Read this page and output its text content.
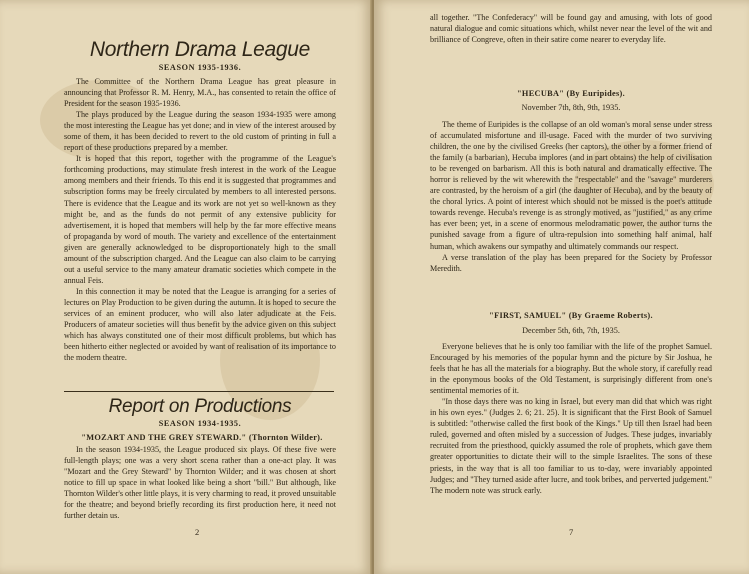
Northern Drama League

SEASON 1935-1936.

The Committee of the Northern Drama League has great pleasure in announcing that Professor R. M. Henry, M.A., has consented to retain the office of President for the season 1935-1936.

The plays produced by the League during the season 1934-1935 were among the most interesting the League has yet done; and in view of the interest aroused by some of them, it has been decided to revert to the old custom of printing in full a report of these productions prepared by a member.

It is hoped that this report, together with the programme of the League's forthcoming productions, may stimulate fresh interest in the work of the League among members and their friends. To this end it is suggested that programmes and subscription forms may be freely circulated by members to all interested persons. There is evidence that the League and its work are not yet so well-known as they might be, and as the funds do not permit of any extensive publicity for advertisement, it is hoped that members will help by the far more effective means of propaganda by word of mouth. The variety and excellence of the entertainment given are generally acknowledged to be disproportionately high to the small amount of the subscription charged. And the League can also claim to be carrying out a useful service to the many amateur dramatic societies which compete in the annual Feis.

In this connection it may be noted that the League is arranging for a series of lectures on Play Production to be given during the autumn. It is hoped to secure the services of an eminent producer, who will also later adjudicate at the Feis. Producers of amateur societies will thus benefit by the advice given on this subject which has always constituted one of their most difficult problems, but which has been hitherto either neglected or avoided by want of realisation of its importance to the modern theatre.

Report on Productions

SEASON 1934-1935.

"MOZART AND THE GREY STEWARD." (Thornton Wilder).

In the season 1934-1935, the League produced six plays. Of these five were full-length plays; one was a very short scena rather than a one-act play. It was "Mozart and the Grey Steward" by Thornton Wilder; and it was chosen at short notice to fill up space in what looked like being a short "bill." But although, like Thornton Wilder's other little plays, it is very charming to read, it proved unsuitable for the theatre; and beyond briefly recording its first production here, it need not further detain us.

2

all together. "The Confederacy" will be found gay and amusing, with lots of good natural dialogue and comic situations which, whilst never near the level of the wit and brilliance of Congreve, often in their satire come nearer to everyday life.

"HECUBA" (By Euripides).

November 7th, 8th, 9th, 1935.

The theme of Euripides is the collapse of an old woman's moral sense under stress of accumulated misfortune and ill-usage. Faced with the murder of two surviving children, the one by the civilised Greeks (her captors), the other by a former friend of the family (a barbarian), Hecuba implores (and in part obtains) the help of civilisation to be revenged on barbarism. All this is both natural and dramatically effective. The horror is relieved by the wit wherewith the "respectable" and the "savage" murderers are contrasted, by the heroism of a girl (the daughter of Hecuba), and by the beauty of the choral lyrics. A point of interest which should not be missed is the poet's attitude towards revenge. Hecuba's revenge is as strongly motived, as "justified," as any crime has ever been; yet, in a scene of enormous melodramatic power, the author turns the punished savage from a figure of ultra-repulsion into something half animal, half human, which awakens our sympathy and ultimately commands our respect.

A verse translation of the play has been prepared for the Society by Professor Meredith.

"FIRST, SAMUEL" (By Graeme Roberts).

December 5th, 6th, 7th, 1935.

Everyone believes that he is only too familiar with the life of the prophet Samuel. Encouraged by his memories of the popular hymn and the picture by Sir Joshua, he feels that he has all the materials for a biography. But the whole story, if carefully read in the eponymous books of the Old Testament, is surprisingly different from one's sentimental memories of it.

"In those days there was no king in Israel, but every man did that which was right in his own eyes." (Judges 2. 6; 21. 25). It is significant that the First Book of Samuel is subtitled: "otherwise called the first book of the Kings." Up till then Israel had been ruled, governed and often misled by a succession of Judges. These judges, invariably recruited from the priesthood, quickly assumed the role of prophets, which gave them greater opportunities to dictate their will to the simple Israelites. The sons of these priests, in the way that is all too familiar to us to-day, were invariably appointed Judges; and "They turned aside after lucre, and took bribes, and perverted judgement." The modern note was struck early.

7
